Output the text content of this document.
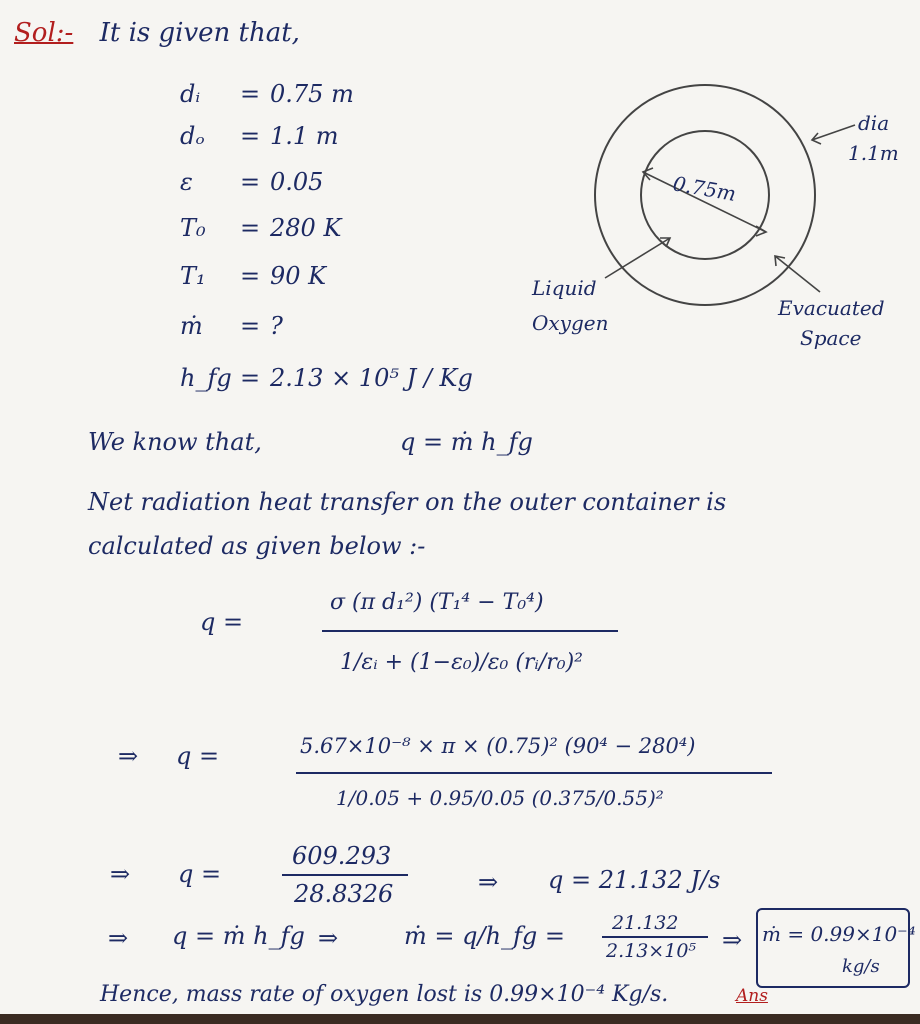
Sol:- It is given that,
dᵢ = 0.75 m
dₒ = 1.1 m
ε = 0.05
T₀ = 280 K
T₁ = 90 K
ṁ = ?
h_fg = 2.13 × 10⁵ J / Kg
0.75m
dia
1.1m
Liquid
Oxygen
Evacuated
Space
We know that,	q = ṁ h_fg
Net radiation heat transfer on the outer container is
calculated as given below :-
q =
σ (π d₁²) (T₁⁴ − T₀⁴)
1/εᵢ + (1−ε₀)/ε₀ (rᵢ/r₀)²
⇒ q =	5.67×10⁻⁸ × π × (0.75)² (90⁴ − 280⁴)
1/0.05 + 0.95/0.05 (0.375/0.55)²
⇒ q =
609.293
28.8326	⇒ q = 21.132 J/s
⇒ q = ṁ h_fg ⇒	ṁ = q/h_fg = 21.132
2.13×10⁵ ⇒ ṁ = 0.99×10⁻⁴
kg/s
Hence, mass rate of oxygen lost is 0.99×10⁻⁴ Kg/s.	Ans
